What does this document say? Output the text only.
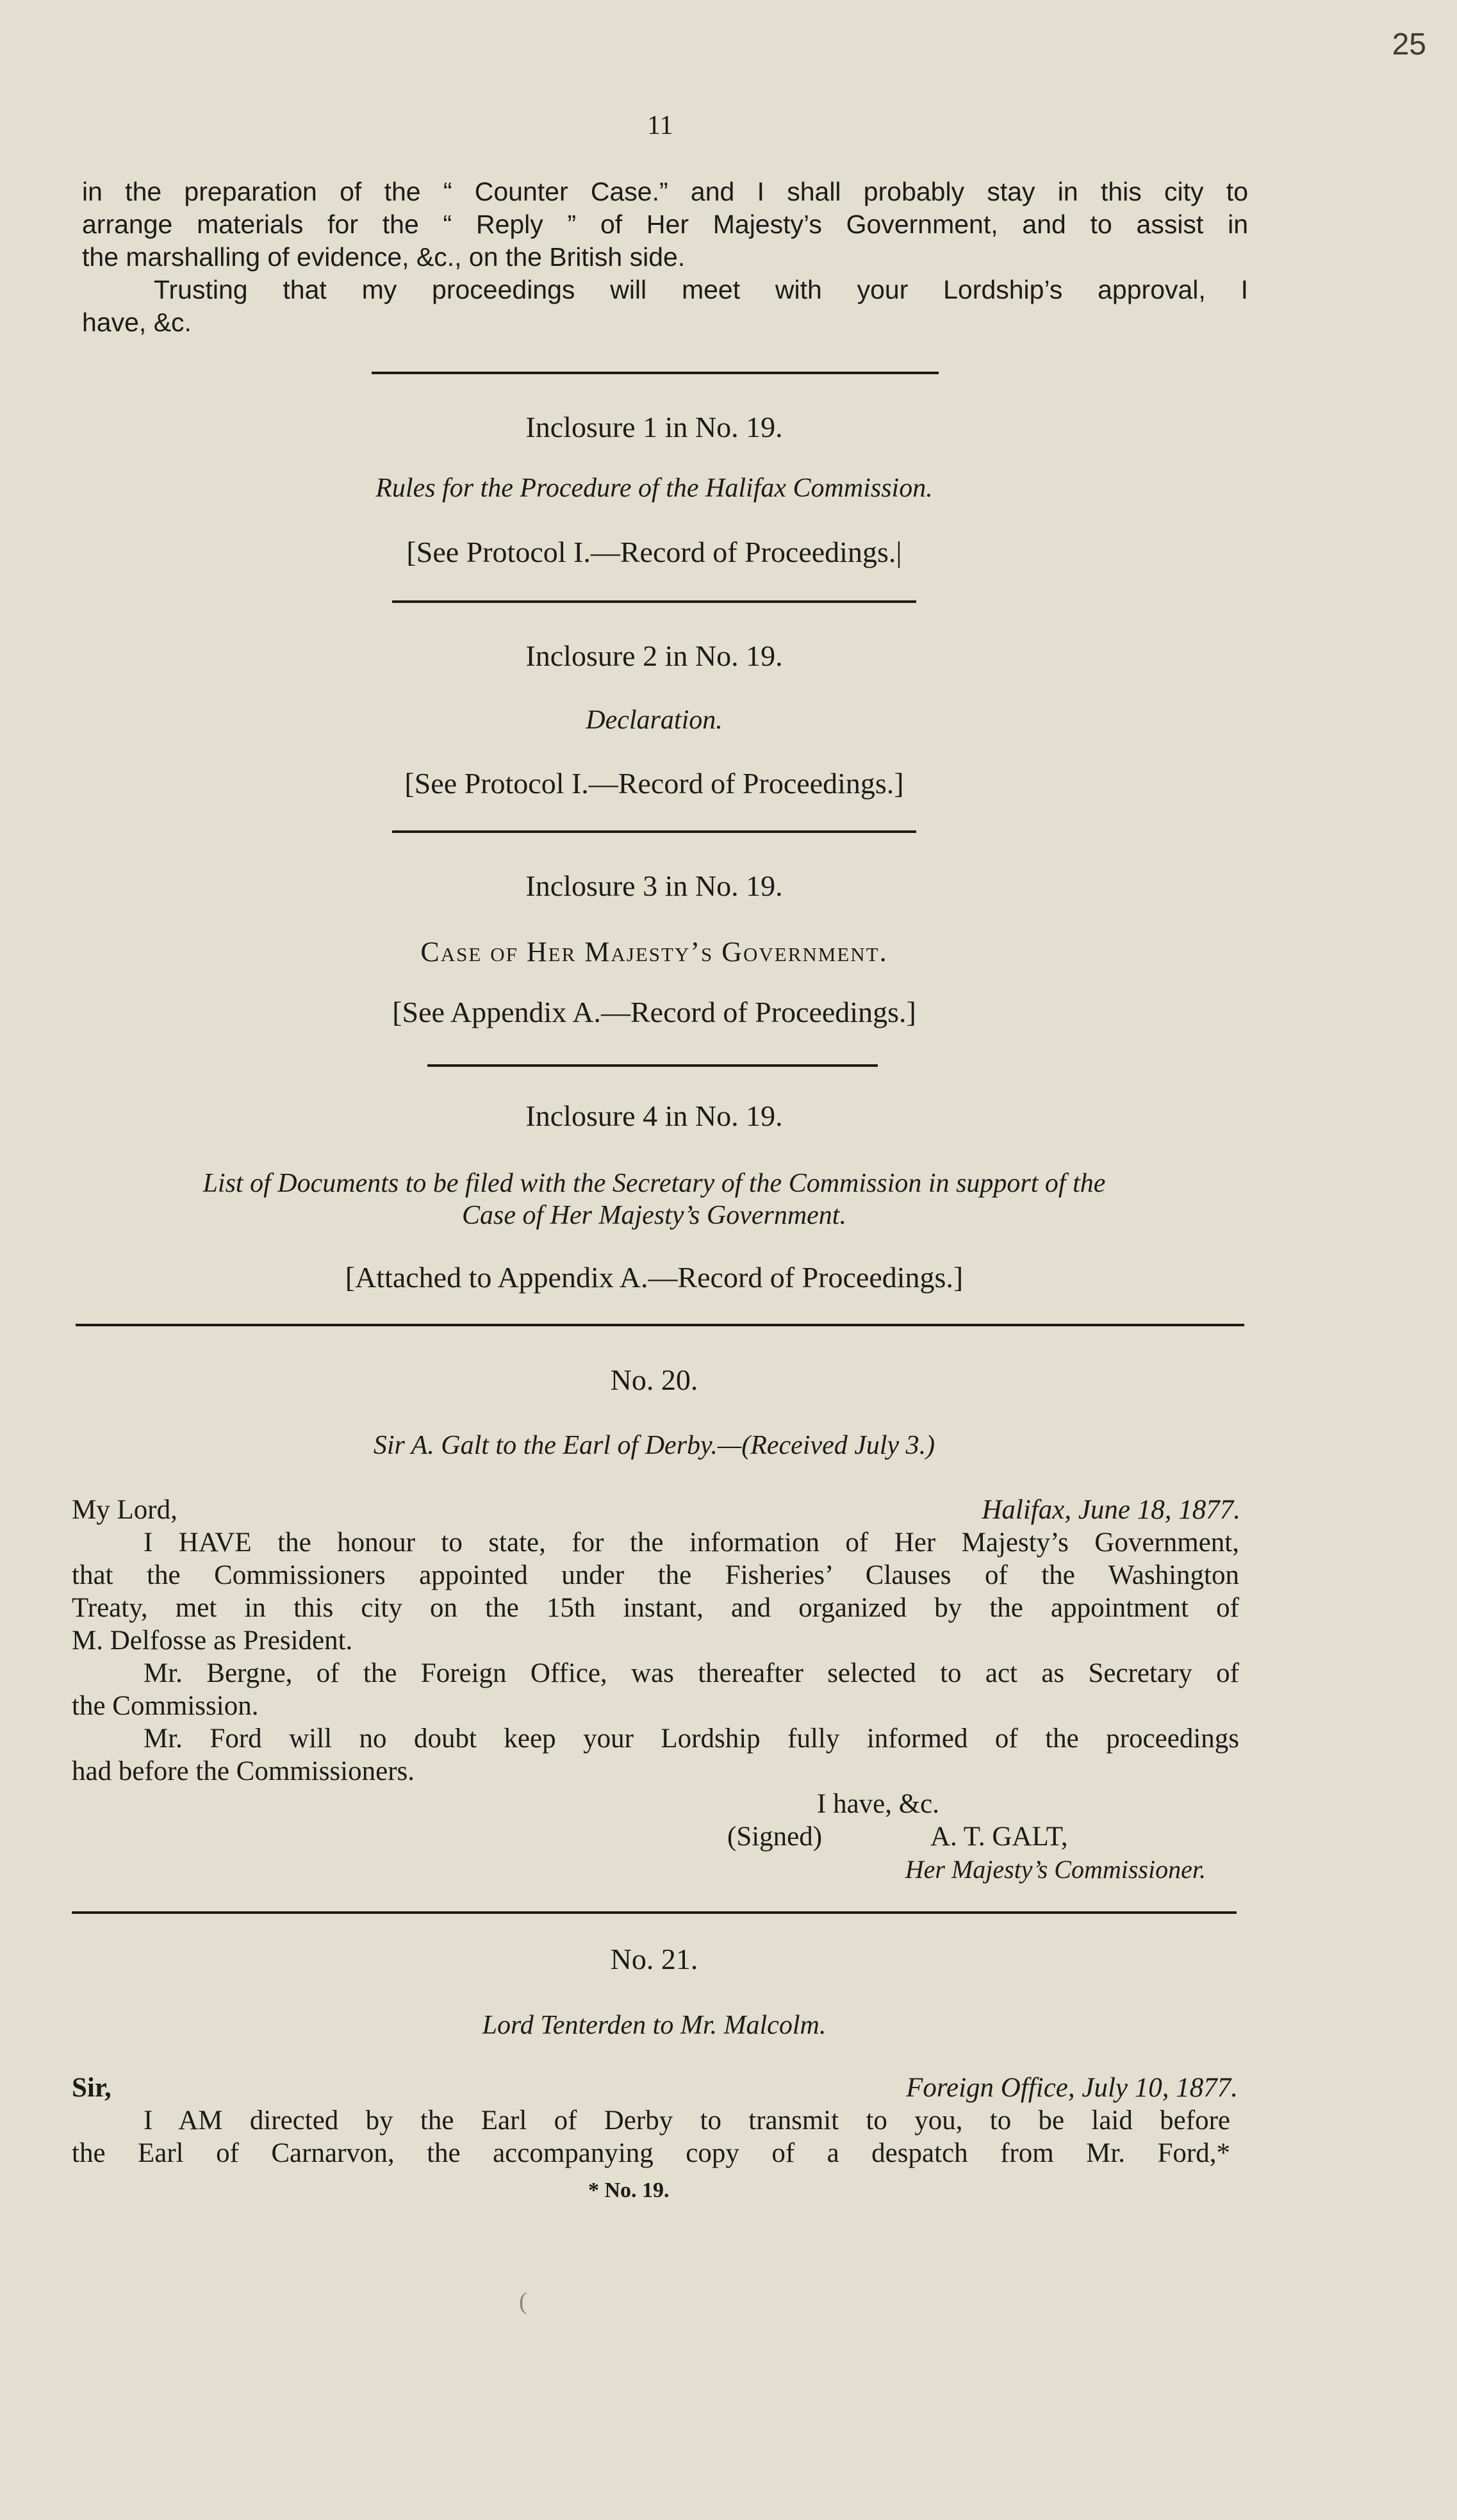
25
11
in the preparation of the “ Counter Case.” and I shall probably stay in this city to
arrange materials for the “ Reply ” of Her Majesty’s Government, and to assist in
the marshalling of evidence, &c., on the British side.
Trusting that my proceedings will meet with your Lordship’s approval, I
have, &c.
Inclosure 1 in No. 19.
Rules for the Procedure of the Halifax Commission.
[See Protocol I.—Record of Proceedings.|
Inclosure 2 in No. 19.
Declaration.
[See Protocol I.—Record of Proceedings.]
Inclosure 3 in No. 19.
Case of Her Majesty’s Government.
[See Appendix A.—Record of Proceedings.]
Inclosure 4 in No. 19.
List of Documents to be filed with the Secretary of the Commission in support of the
Case of Her Majesty’s Government.
[Attached to Appendix A.—Record of Proceedings.]
No. 20.
Sir A. Galt to the Earl of Derby.—(Received July 3.)
My Lord,	Halifax, June 18, 1877.
I HAVE the honour to state, for the information of Her Majesty’s Government,
that the Commissioners appointed under the Fisheries’ Clauses of the Washington
Treaty, met in this city on the 15th instant, and organized by the appointment of
M. Delfosse as President.
Mr. Bergne, of the Foreign Office, was thereafter selected to act as Secretary of
the Commission.
Mr. Ford will no doubt keep your Lordship fully informed of the proceedings
had before the Commissioners.
I have, &c.
(Signed)	A. T. GALT,
Her Majesty’s Commissioner.
No. 21.
Lord Tenterden to Mr. Malcolm.
Sir,	Foreign Office, July 10, 1877.
I AM directed by the Earl of Derby to transmit to you, to be laid before
the Earl of Carnarvon, the accompanying copy of a despatch from Mr. Ford,*
* No. 19.
(
